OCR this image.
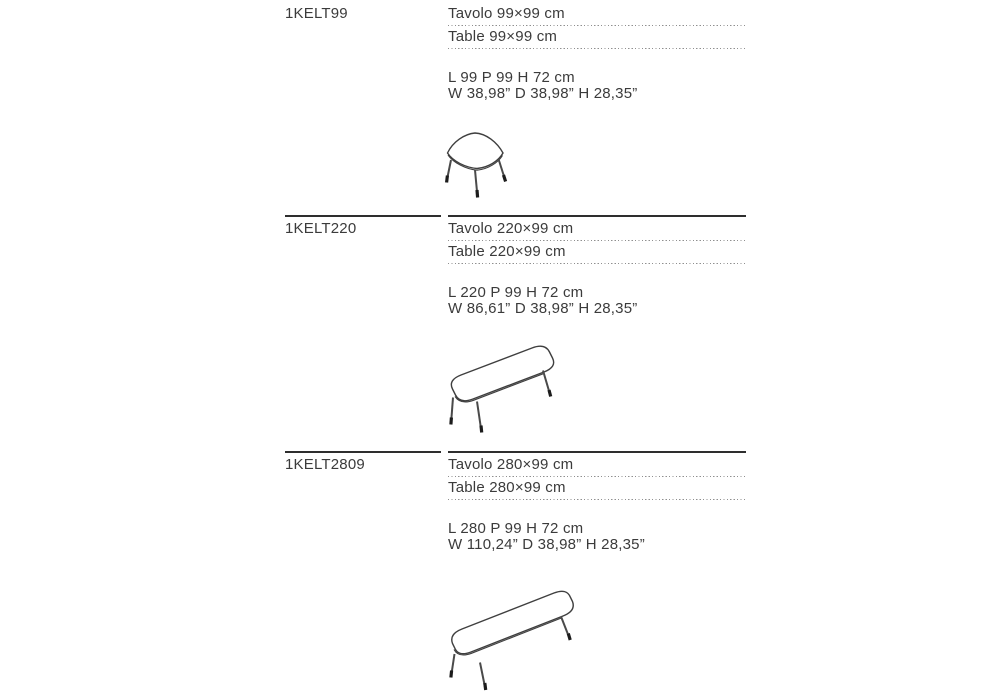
1KELT99	Tavolo 99×99 cm
Table 99×99 cm
L 99 P 99 H 72 cm
W 38,98” D 38,98” H 28,35”
1KELT220	Tavolo 220×99 cm
Table 220×99 cm
L 220 P 99 H 72 cm
W 86,61” D 38,98” H 28,35”
1KELT2809	Tavolo 280×99 cm
Table 280×99 cm
L 280 P 99 H 72 cm
W 110,24” D 38,98” H 28,35”
